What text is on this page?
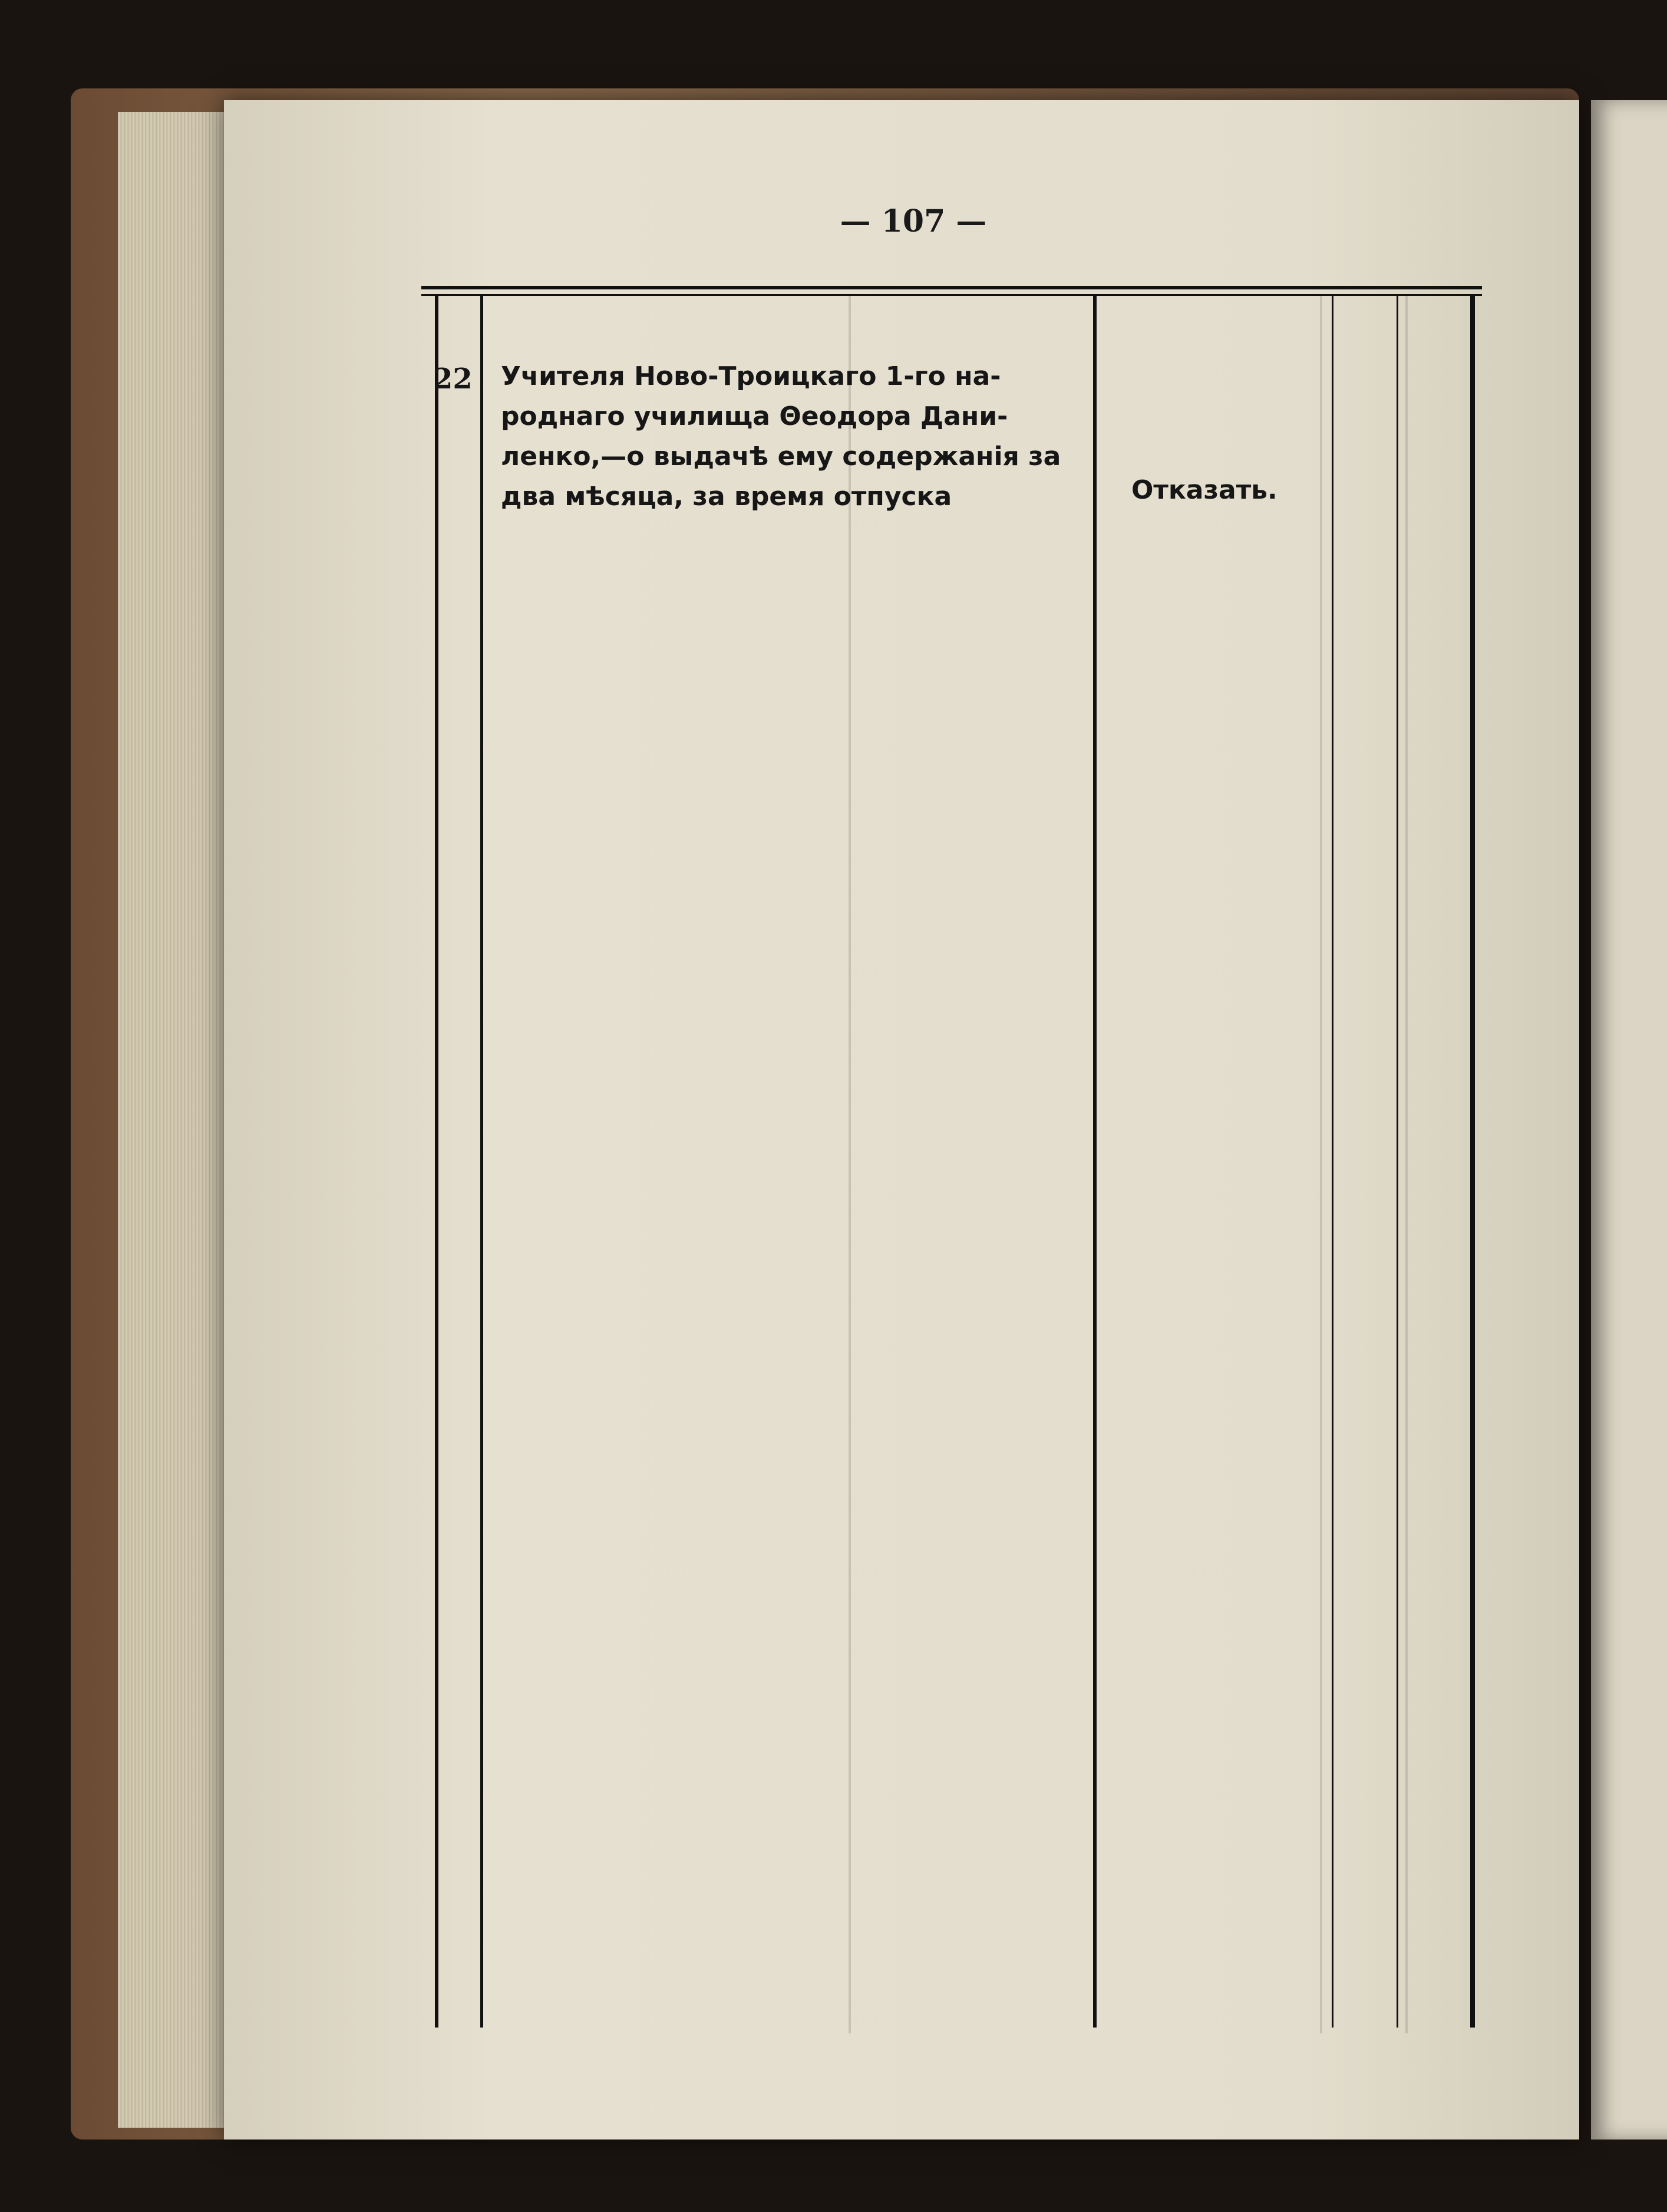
— 107 —
22 Учителя Ново-Троицкаго 1-го на-
роднаго училища Θеодора Дани-
ленко,—о выдачѣ ему содержанія за
два мѣсяца, за время отпуска	Отказать.
